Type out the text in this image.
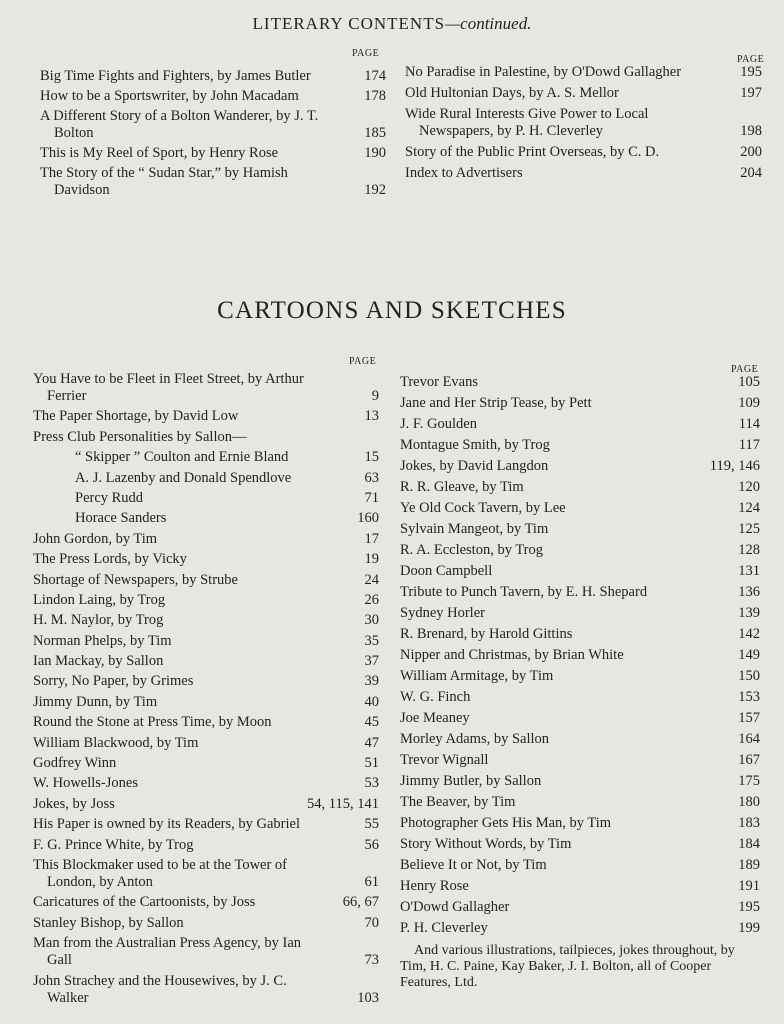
LITERARY CONTENTS—continued.
PAGE
PAGE
Big Time Fights and Fighters, by James Butler	174
How to be a Sportswriter, by John Macadam	178
A Different Story of a Bolton Wanderer, by J. T. Bolton	185
This is My Reel of Sport, by Henry Rose	190
The Story of the “ Sudan Star,” by Hamish Davidson	192
No Paradise in Palestine, by O'Dowd Gallagher	195
Old Hultonian Days, by A. S. Mellor	197
Wide Rural Interests Give Power to Local Newspapers, by P. H. Cleverley	198
Story of the Public Print Overseas, by C. D.	200
Index to Advertisers	204
CARTOONS AND SKETCHES
PAGE
PAGE
You Have to be Fleet in Fleet Street, by Arthur Ferrier	9
The Paper Shortage, by David Low	13
Press Club Personalities by Sallon—
“ Skipper ” Coulton and Ernie Bland	15
A. J. Lazenby and Donald Spendlove	63
Percy Rudd	71
Horace Sanders	160
John Gordon, by Tim	17
The Press Lords, by Vicky	19
Shortage of Newspapers, by Strube	24
Lindon Laing, by Trog	26
H. M. Naylor, by Trog	30
Norman Phelps, by Tim	35
Ian Mackay, by Sallon	37
Sorry, No Paper, by Grimes	39
Jimmy Dunn, by Tim	40
Round the Stone at Press Time, by Moon	45
William Blackwood, by Tim	47
Godfrey Winn	51
W. Howells-Jones	53
Jokes, by Joss	54, 115, 141
His Paper is owned by its Readers, by Gabriel	55
F. G. Prince White, by Trog	56
This Blockmaker used to be at the Tower of London, by Anton	61
Caricatures of the Cartoonists, by Joss	66, 67
Stanley Bishop, by Sallon	70
Man from the Australian Press Agency, by Ian Gall	73
John Strachey and the Housewives, by J. C. Walker	103
Trevor Evans	105
Jane and Her Strip Tease, by Pett	109
J. F. Goulden	114
Montague Smith, by Trog	117
Jokes, by David Langdon	119, 146
R. R. Gleave, by Tim	120
Ye Old Cock Tavern, by Lee	124
Sylvain Mangeot, by Tim	125
R. A. Eccleston, by Trog	128
Doon Campbell	131
Tribute to Punch Tavern, by E. H. Shepard	136
Sydney Horler	139
R. Brenard, by Harold Gittins	142
Nipper and Christmas, by Brian White	149
William Armitage, by Tim	150
W. G. Finch	153
Joe Meaney	157
Morley Adams, by Sallon	164
Trevor Wignall	167
Jimmy Butler, by Sallon	175
The Beaver, by Tim	180
Photographer Gets His Man, by Tim	183
Story Without Words, by Tim	184
Believe It or Not, by Tim	189
Henry Rose	191
O'Dowd Gallagher	195
P. H. Cleverley	199
And various illustrations, tailpieces, jokes throughout, by Tim, H. C. Paine, Kay Baker, J. I. Bolton, all of Cooper Features, Ltd.
